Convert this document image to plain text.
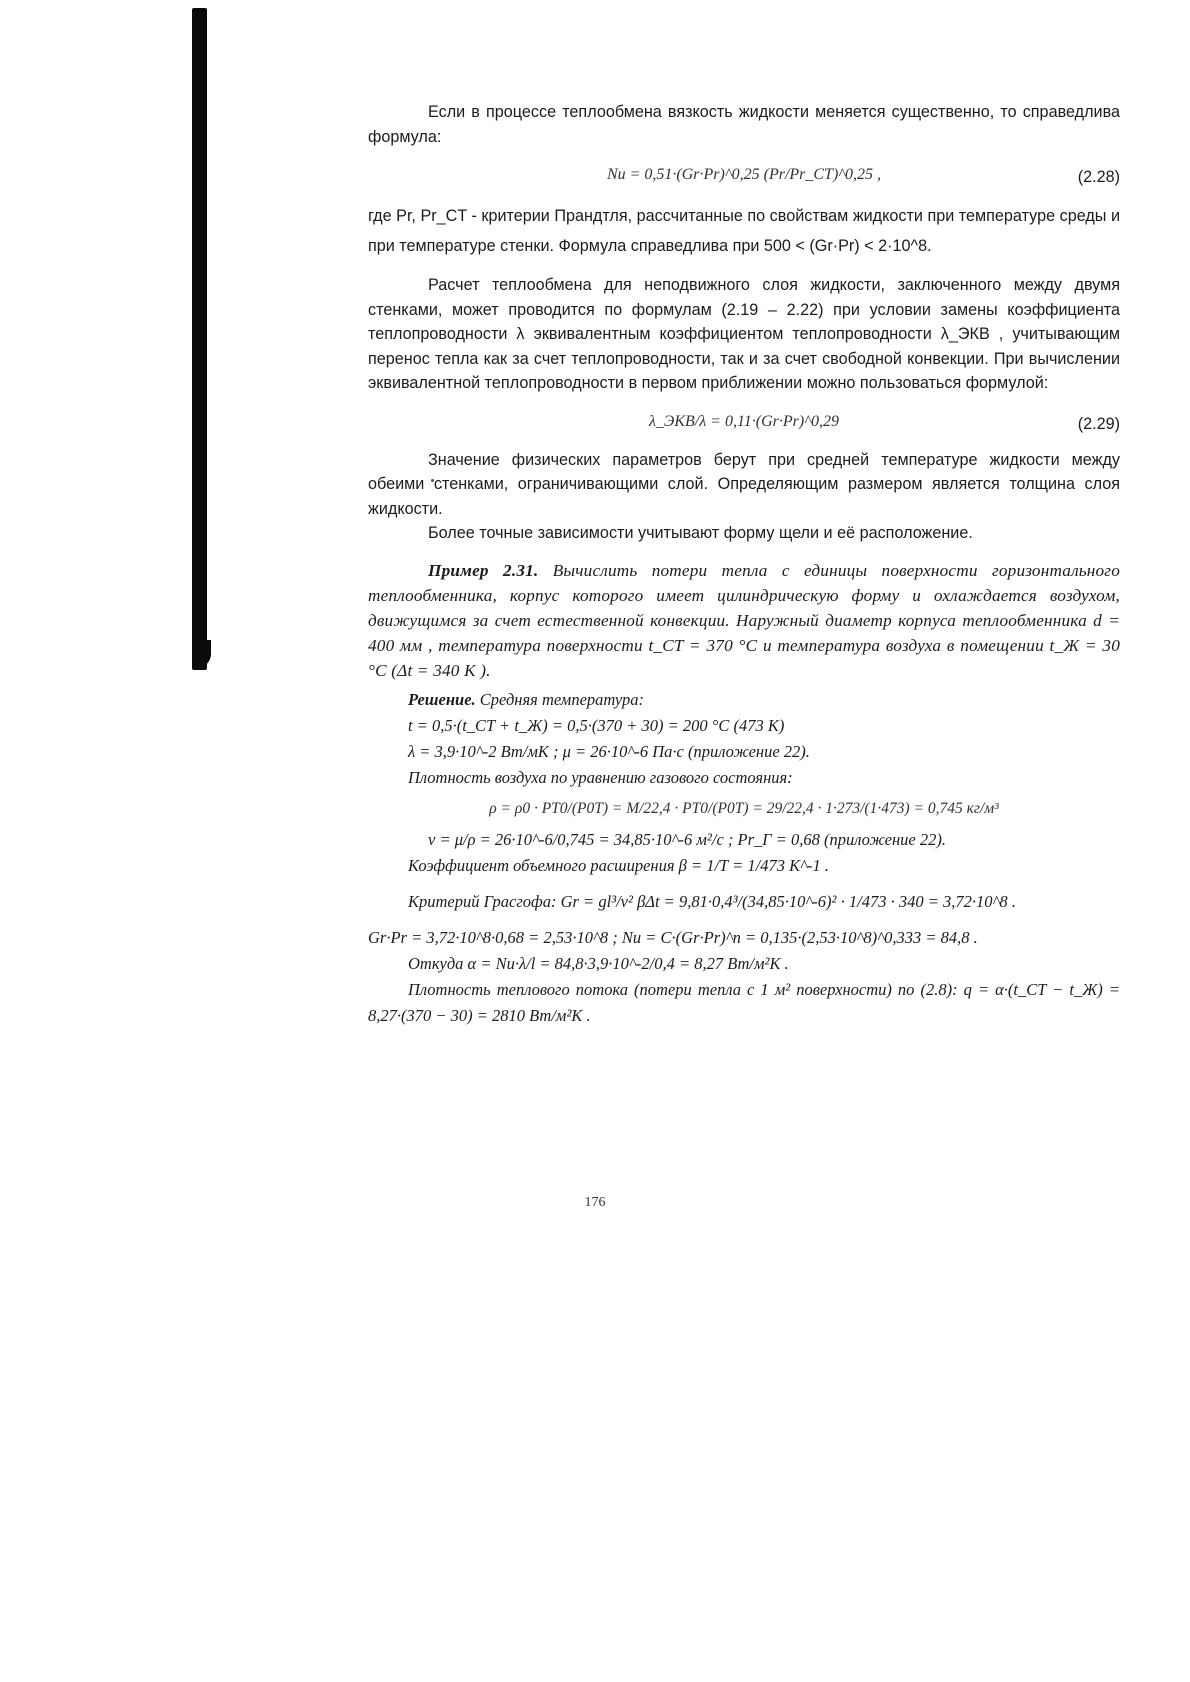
Если в процессе теплообмена вязкость жидкости меняется существенно, то справедлива формула:

Nu = 0,51·(Gr·Pr)^0,25 (Pr/Pr_CT)^0,25 ,	(2.28)

где Pr, Pr_CT - критерии Прандтля, рассчитанные по свойствам жидкости при температуре среды и при температуре стенки. Формула справедлива при 500 < (Gr·Pr) < 2·10^8.

Расчет теплообмена для неподвижного слоя жидкости, заключенного между двумя стенками, может проводится по формулам (2.19 – 2.22) при условии замены коэффициента теплопроводности λ эквивалентным коэффициентом теплопроводности λ_ЭКВ , учитывающим перенос тепла как за счет теплопроводности, так и за счет свободной конвекции. При вычислении эквивалентной теплопроводности в первом приближении можно пользоваться формулой:

λ_ЭКВ/λ = 0,11·(Gr·Pr)^0,29	(2.29)

Значение физических параметров берут при средней температуре жидкости между обеими стенками, ограничивающими слой. Определяющим размером является толщина слоя жидкости.

Более точные зависимости учитывают форму щели и её расположение.

Пример 2.31. Вычислить потери тепла с единицы поверхности горизонтального теплообменника, корпус которого имеет цилиндрическую форму и охлаждается воздухом, движущимся за счет естественной конвекции. Наружный диаметр корпуса теплообменника d = 400 мм , температура поверхности t_CT = 370 °C и температура воздуха в помещении t_Ж = 30 °C (Δt = 340 K ).

Решение. Средняя температура:
t = 0,5·(t_CT + t_Ж) = 0,5·(370 + 30) = 200 °C (473 K)
λ = 3,9·10^-2 Вт/мК ; μ = 26·10^-6 Па·с (приложение 22).
Плотность воздуха по уравнению газового состояния:
ρ = ρ0 · PT0/(P0T) = M/22,4 · PT0/(P0T) = 29/22,4 · 1·273/(1·473) = 0,745 кг/м³
ν = μ/ρ = 26·10^-6/0,745 = 34,85·10^-6 м²/с ; Pr_Г = 0,68 (приложение 22).
Коэффициент объемного расширения β = 1/T = 1/473 K^-1 .
Критерий Грасгофа: Gr = gl³/ν² βΔt = 9,81·0,4³/(34,85·10^-6)² · 1/473 · 340 = 3,72·10^8 .
Gr·Pr = 3,72·10^8·0,68 = 2,53·10^8 ; Nu = C·(Gr·Pr)^n = 0,135·(2,53·10^8)^0,333 = 84,8 .
Откуда α = Nu·λ/l = 84,8·3,9·10^-2/0,4 = 8,27 Вт/м²К .
Плотность теплового потока (потери тепла с 1 м² поверхности) по (2.8): q = α·(t_CT − t_Ж) = 8,27·(370 − 30) = 2810 Вт/м²К .
176
